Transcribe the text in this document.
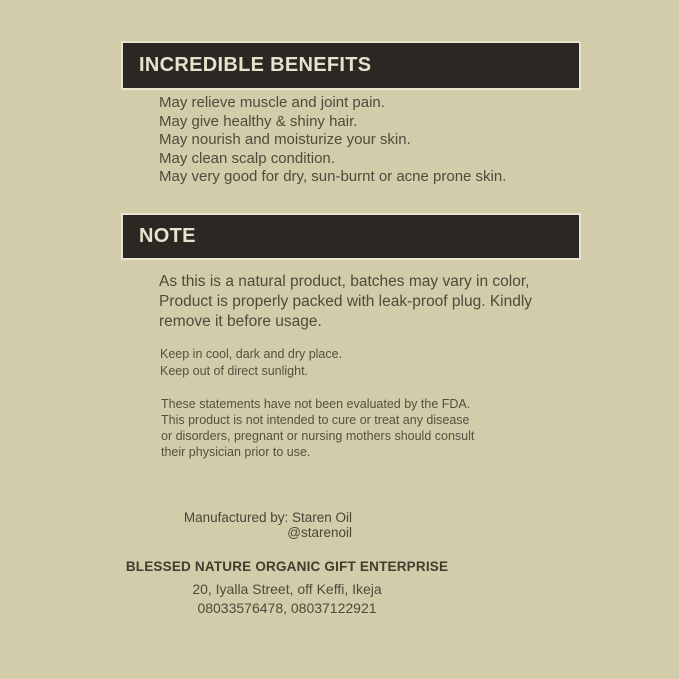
INCREDIBLE BENEFITS
May relieve muscle and joint pain.
May give healthy & shiny hair.
May nourish and moisturize your skin.
May clean scalp condition.
May very good for dry, sun-burnt or acne prone skin.
NOTE
As this is a natural product, batches may vary in color,
Product is properly packed with leak-proof plug. Kindly
remove it before usage.
Keep in cool, dark and dry place.
Keep out of direct sunlight.
These statements have not been evaluated by the FDA.
This product is not intended to cure or treat any disease
or disorders, pregnant or nursing mothers should consult
their physician prior to use.
Manufactured by: Staren Oil
@starenoil
BLESSED NATURE ORGANIC GIFT ENTERPRISE
20, Iyalla Street, off Keffi, Ikeja
08033576478, 08037122921
